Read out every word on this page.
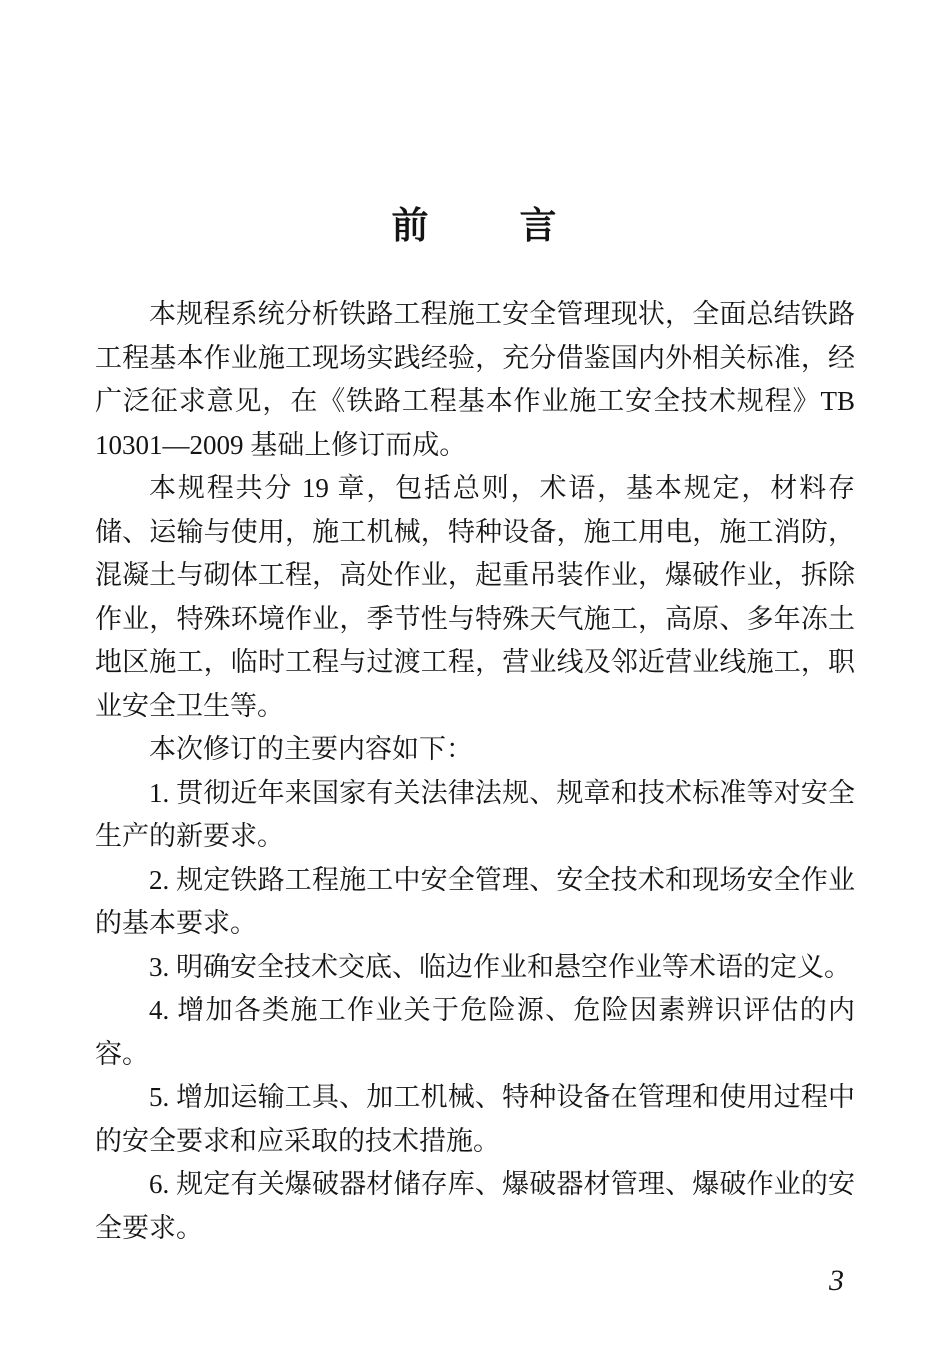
前 言

本规程系统分析铁路工程施工安全管理现状，全面总结铁路工程基本作业施工现场实践经验，充分借鉴国内外相关标准，经广泛征求意见，在《铁路工程基本作业施工安全技术规程》TB 10301—2009 基础上修订而成。

本规程共分 19 章，包括总则，术语，基本规定，材料存储、运输与使用，施工机械，特种设备，施工用电，施工消防，混凝土与砌体工程，高处作业，起重吊装作业，爆破作业，拆除作业，特殊环境作业，季节性与特殊天气施工，高原、多年冻土地区施工，临时工程与过渡工程，营业线及邻近营业线施工，职业安全卫生等。

本次修订的主要内容如下：

1. 贯彻近年来国家有关法律法规、规章和技术标准等对安全生产的新要求。

2. 规定铁路工程施工中安全管理、安全技术和现场安全作业的基本要求。

3. 明确安全技术交底、临边作业和悬空作业等术语的定义。

4. 增加各类施工作业关于危险源、危险因素辨识评估的内容。

5. 增加运输工具、加工机械、特种设备在管理和使用过程中的安全要求和应采取的技术措施。

6. 规定有关爆破器材储存库、爆破器材管理、爆破作业的安全要求。

3
